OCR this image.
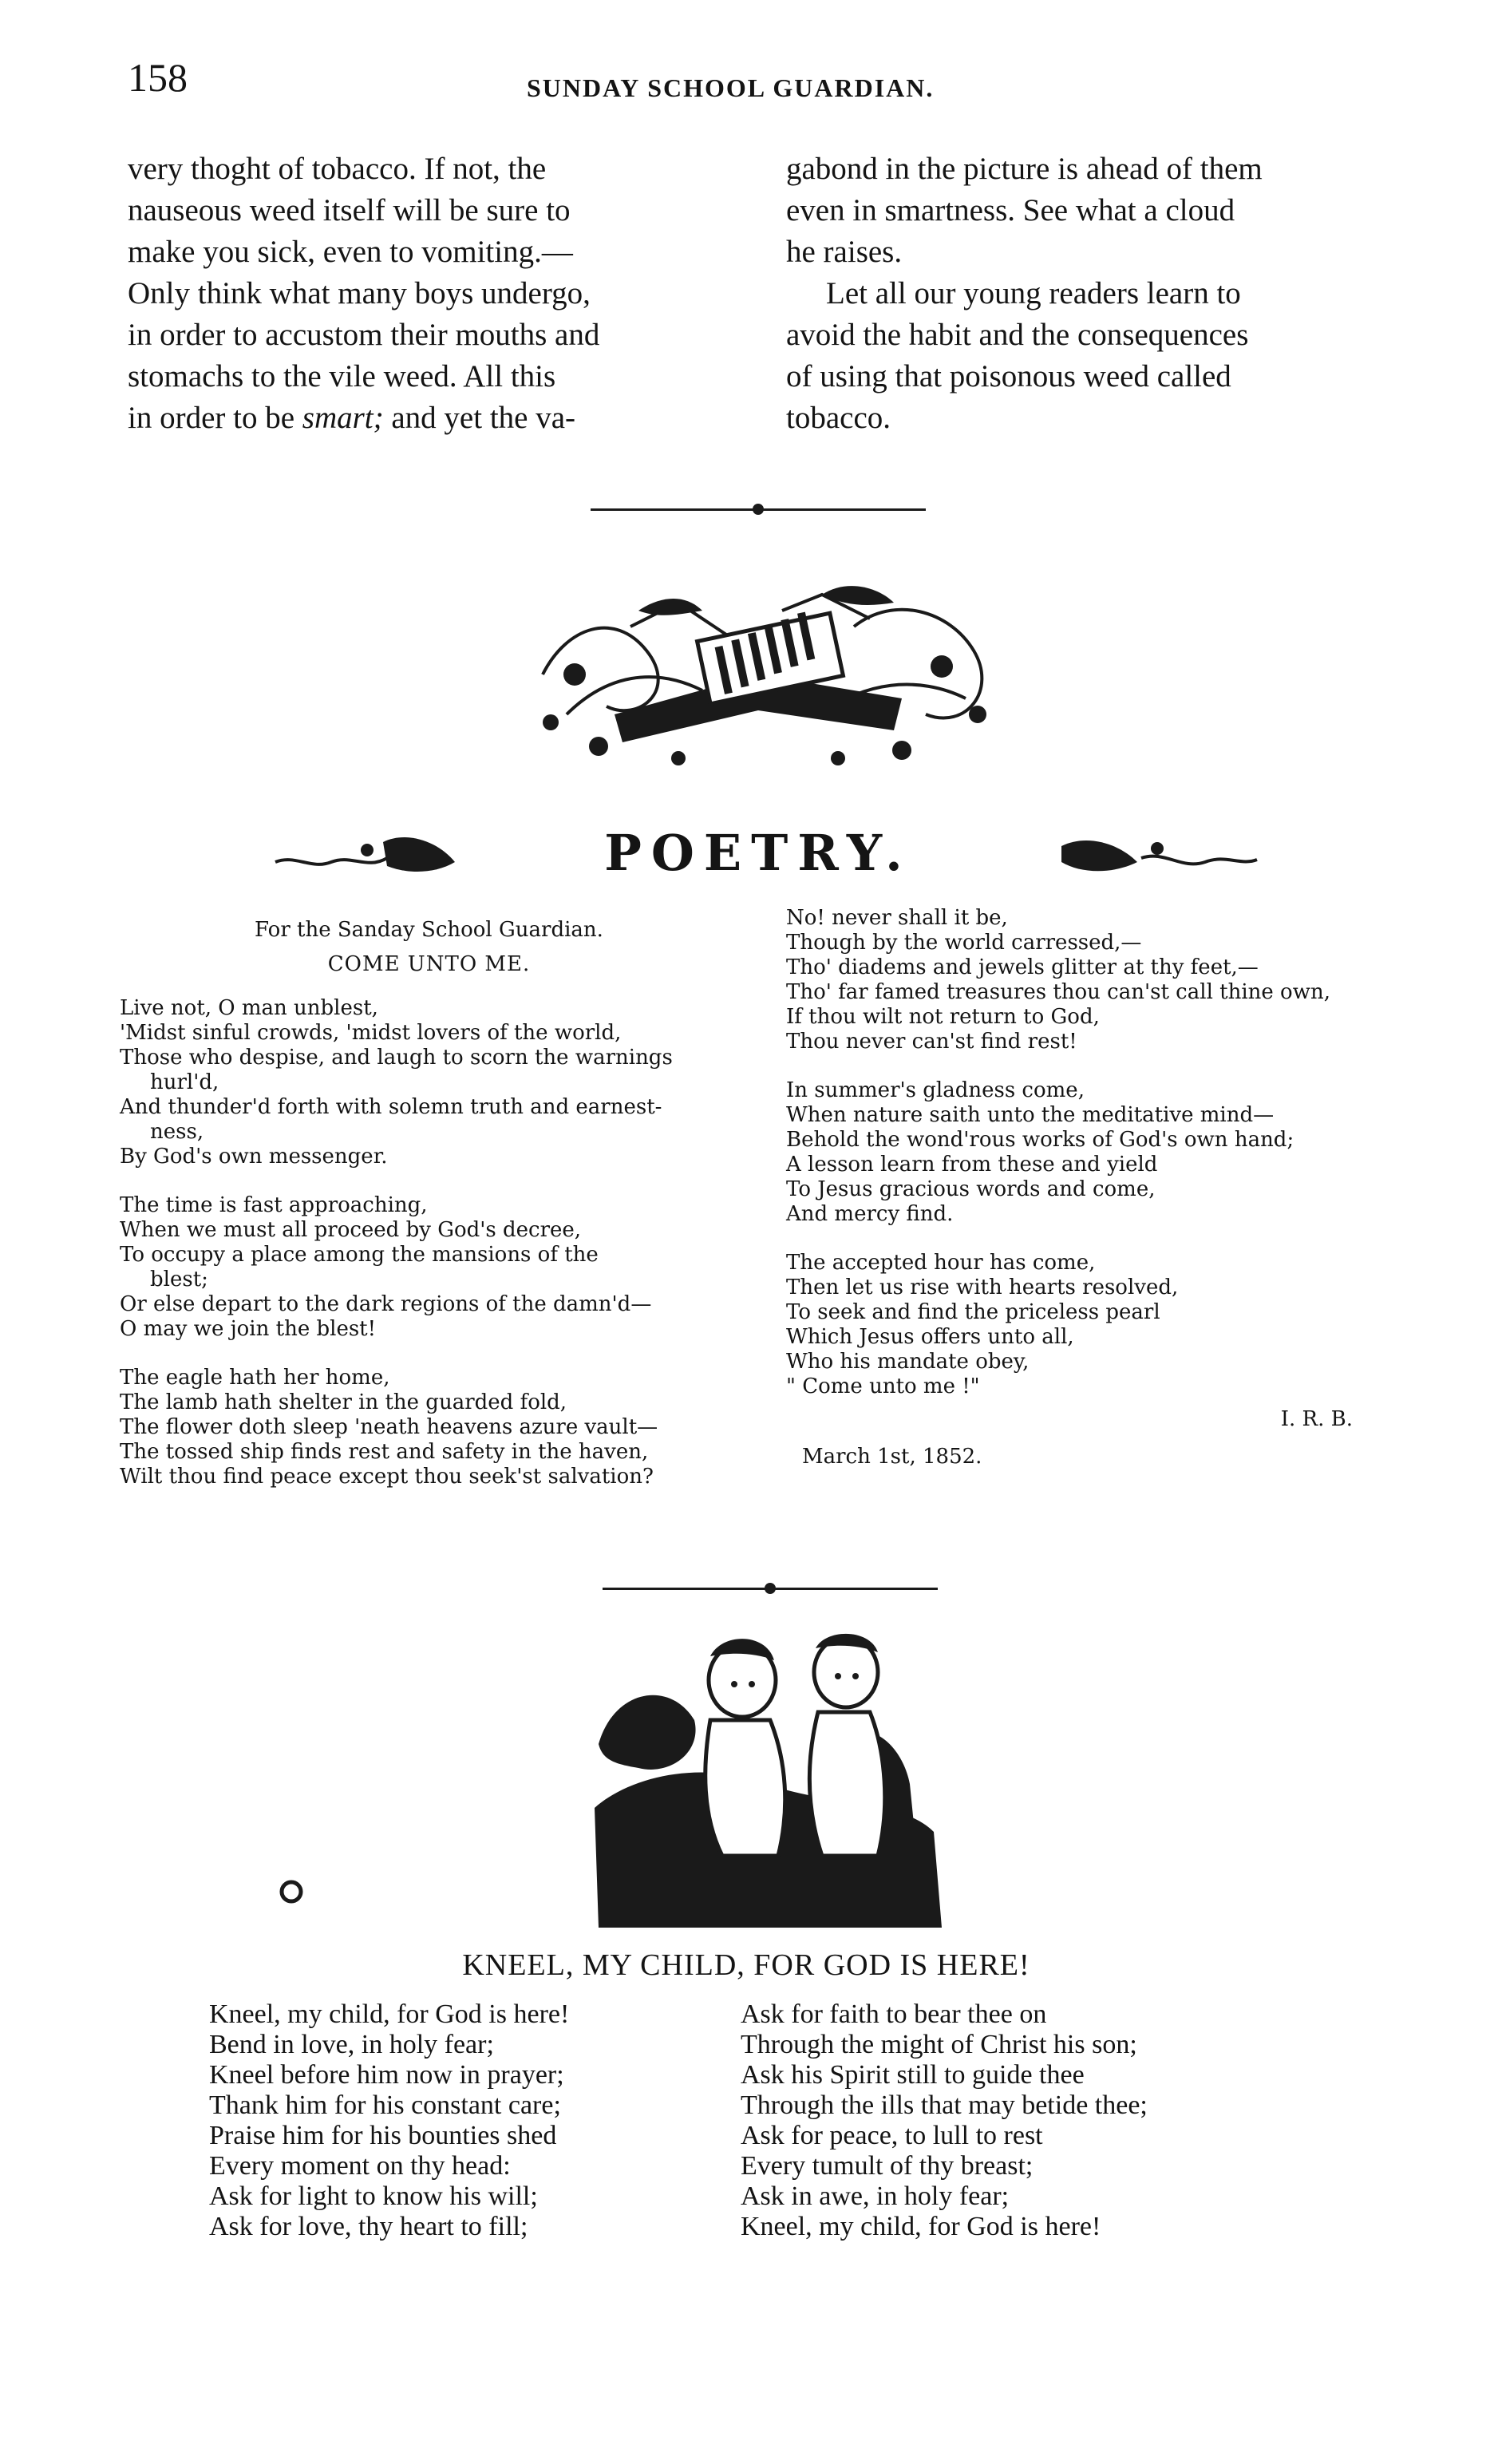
158	SUNDAY SCHOOL GUARDIAN.
very thoght of tobacco. If not, the
nauseous weed itself will be sure to
make you sick, even to vomiting.—
Only think what many boys undergo,
in order to accustom their mouths and
stomachs to the vile weed. All this
in order to be smart; and yet the va-
gabond in the picture is ahead of them
even in smartness. See what a cloud
he raises.
Let all our young readers learn to
avoid the habit and the consequences
of using that poisonous weed called
tobacco.
POETRY.
For the Sanday School Guardian.
COME UNTO ME.
Live not, O man unblest,
'Midst sinful crowds, 'midst lovers of the world,
Those who despise, and laugh to scorn the warnings
hurl'd,
And thunder'd forth with solemn truth and earnest-
ness,
By God's own messenger.
The time is fast approaching,
When we must all proceed by God's decree,
To occupy a place among the mansions of the
blest;
Or else depart to the dark regions of the damn'd—
O may we join the blest!
The eagle hath her home,
The lamb hath shelter in the guarded fold,
The flower doth sleep 'neath heavens azure vault—
The tossed ship finds rest and safety in the haven,
Wilt thou find peace except thou seek'st salvation?
No! never shall it be,
Though by the world carressed,—
Tho' diadems and jewels glitter at thy feet,—
Tho' far famed treasures thou can'st call thine own,
If thou wilt not return to God,
Thou never can'st find rest!
In summer's gladness come,
When nature saith unto the meditative mind—
Behold the wond'rous works of God's own hand;
A lesson learn from these and yield
To Jesus gracious words and come,
And mercy find.
The accepted hour has come,
Then let us rise with hearts resolved,
To seek and find the priceless pearl
Which Jesus offers unto all,
Who his mandate obey,
" Come unto me !"
I. R. B.
March 1st, 1852.
KNEEL, MY CHILD, FOR GOD IS HERE!
Kneel, my child, for God is here!
Bend in love, in holy fear;
Kneel before him now in prayer;
Thank him for his constant care;
Praise him for his bounties shed
Every moment on thy head:
Ask for light to know his will;
Ask for love, thy heart to fill;
Ask for faith to bear thee on
Through the might of Christ his son;
Ask his Spirit still to guide thee
Through the ills that may betide thee;
Ask for peace, to lull to rest
Every tumult of thy breast;
Ask in awe, in holy fear;
Kneel, my child, for God is here!
